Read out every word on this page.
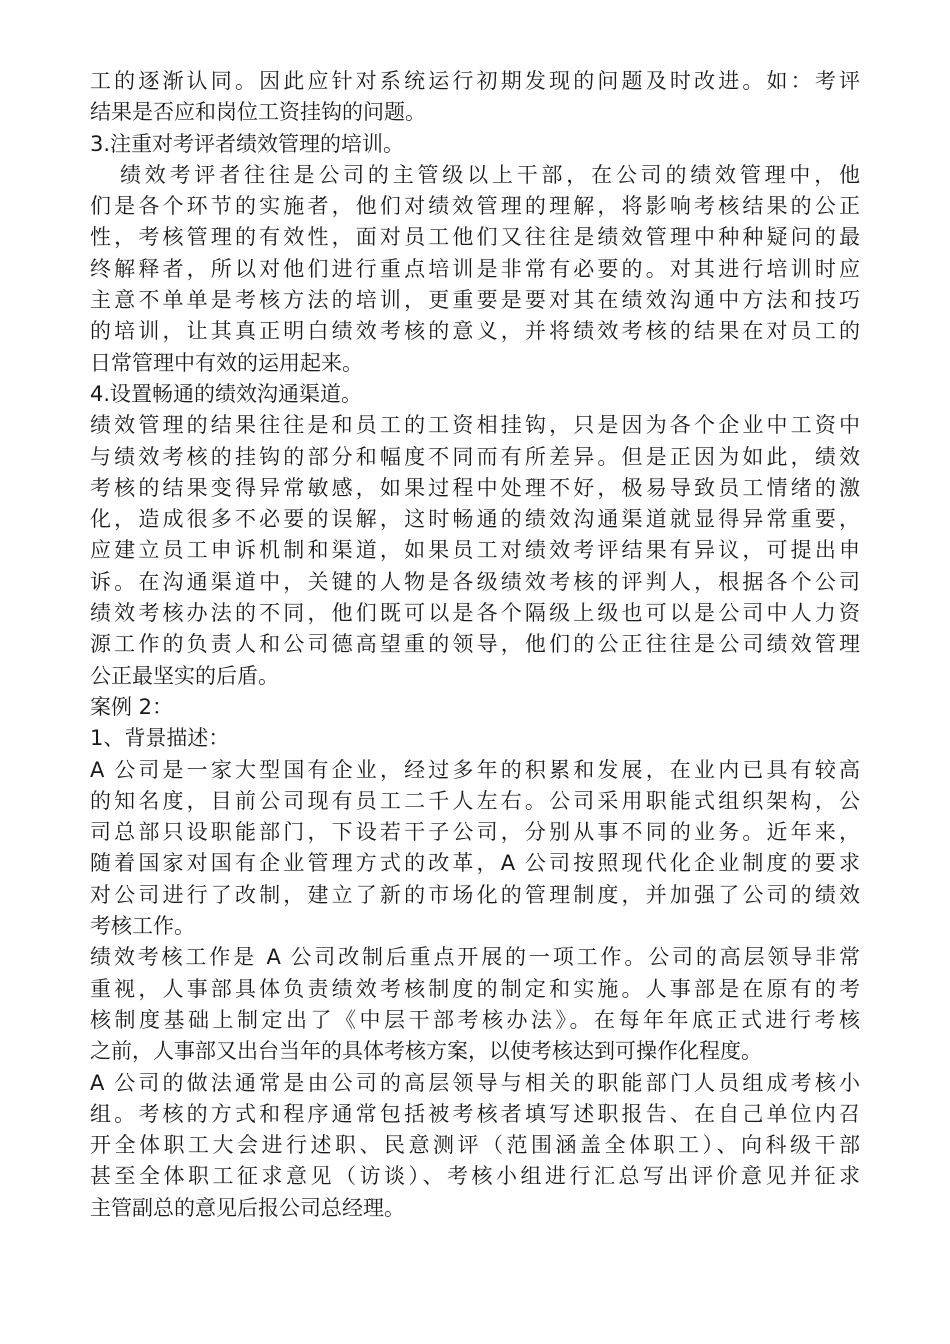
工的逐渐认同。因此应针对系统运行初期发现的问题及时改进。如：考评
结果是否应和岗位工资挂钩的问题。
3.注重对考评者绩效管理的培训。
绩效考评者往往是公司的主管级以上干部，在公司的绩效管理中，他
们是各个环节的实施者，他们对绩效管理的理解，将影响考核结果的公正
性，考核管理的有效性，面对员工他们又往往是绩效管理中种种疑问的最
终解释者，所以对他们进行重点培训是非常有必要的。对其进行培训时应
主意不单单是考核方法的培训，更重要是要对其在绩效沟通中方法和技巧
的培训，让其真正明白绩效考核的意义，并将绩效考核的结果在对员工的
日常管理中有效的运用起来。
4.设置畅通的绩效沟通渠道。
绩效管理的结果往往是和员工的工资相挂钩，只是因为各个企业中工资中
与绩效考核的挂钩的部分和幅度不同而有所差异。但是正因为如此，绩效
考核的结果变得异常敏感，如果过程中处理不好，极易导致员工情绪的激
化，造成很多不必要的误解，这时畅通的绩效沟通渠道就显得异常重要，
应建立员工申诉机制和渠道，如果员工对绩效考评结果有异议，可提出申
诉。在沟通渠道中，关键的人物是各级绩效考核的评判人，根据各个公司
绩效考核办法的不同，他们既可以是各个隔级上级也可以是公司中人力资
源工作的负责人和公司德高望重的领导，他们的公正往往是公司绩效管理
公正最坚实的后盾。
案例 2：
1、背景描述：
A 公司是一家大型国有企业，经过多年的积累和发展，在业内已具有较高
的知名度，目前公司现有员工二千人左右。公司采用职能式组织架构，公
司总部只设职能部门，下设若干子公司，分别从事不同的业务。近年来，
随着国家对国有企业管理方式的改革，A 公司按照现代化企业制度的要求
对公司进行了改制，建立了新的市场化的管理制度，并加强了公司的绩效
考核工作。
绩效考核工作是 A 公司改制后重点开展的一项工作。公司的高层领导非常
重视，人事部具体负责绩效考核制度的制定和实施。人事部是在原有的考
核制度基础上制定出了《中层干部考核办法》。在每年年底正式进行考核
之前，人事部又出台当年的具体考核方案，以使考核达到可操作化程度。
A 公司的做法通常是由公司的高层领导与相关的职能部门人员组成考核小
组。考核的方式和程序通常包括被考核者填写述职报告、在自己单位内召
开全体职工大会进行述职、民意测评（范围涵盖全体职工）、向科级干部
甚至全体职工征求意见（访谈）、考核小组进行汇总写出评价意见并征求
主管副总的意见后报公司总经理。
